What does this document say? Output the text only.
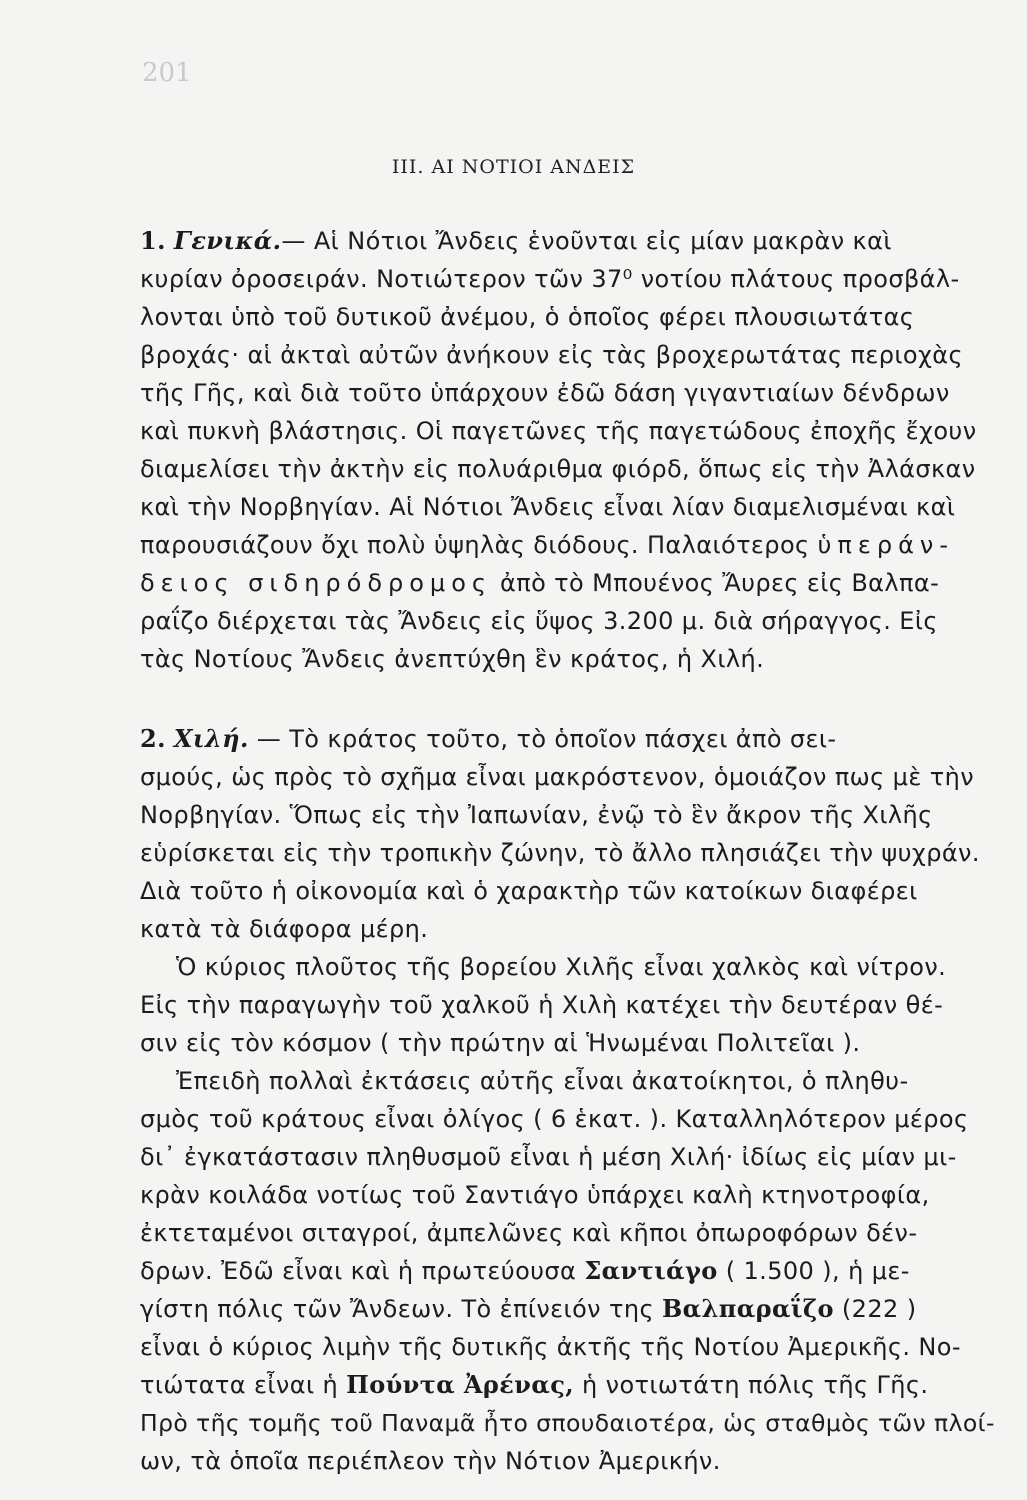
201
III. ΑΙ ΝΟΤΙΟΙ ΑΝΔΕΙΣ
1. Γενικά.— Αἱ Νότιοι Ἄνδεις ἑνοῦνται εἰς μίαν μακρὰν καὶ
κυρίαν ὀροσειράν. Νοτιώτερον τῶν 37⁰ νοτίου πλάτους προσβάλ-
λονται ὑπὸ τοῦ δυτικοῦ ἀνέμου, ὁ ὁποῖος φέρει πλουσιωτάτας
βροχάς· αἱ ἀκταὶ αὐτῶν ἀνήκουν εἰς τὰς βροχερωτάτας περιοχὰς
τῆς Γῆς, καὶ διὰ τοῦτο ὑπάρχουν ἐδῶ δάση γιγαντιαίων δένδρων
καὶ πυκνὴ βλάστησις. Οἱ παγετῶνες τῆς παγετώδους ἐποχῆς ἔχουν
διαμελίσει τὴν ἀκτὴν εἰς πολυάριθμα φιόρδ, ὅπως εἰς τὴν Ἀλάσκαν
καὶ τὴν Νορβηγίαν. Αἱ Νότιοι Ἄνδεις εἶναι λίαν διαμελισμέναι καὶ
παρουσιάζουν ὄχι πολὺ ὑψηλὰς διόδους. Παλαιότερος ὑπεράν-
δειος σιδηρόδρομος ἀπὸ τὸ Μπουένος Ἄυρες εἰς Βαλπα-
ραΐζο διέρχεται τὰς Ἄνδεις εἰς ὕψος 3.200 μ. διὰ σήραγγος. Εἰς
τὰς Νοτίους Ἄνδεις ἀνεπτύχθη ἓν κράτος, ἡ Χιλή.
2. Χιλή. — Τὸ κράτος τοῦτο, τὸ ὁποῖον πάσχει ἀπὸ σει-
σμούς, ὡς πρὸς τὸ σχῆμα εἶναι μακρόστενον, ὁμοιάζον πως μὲ τὴν
Νορβηγίαν. Ὅπως εἰς τὴν Ἰαπωνίαν, ἐνῷ τὸ ἓν ἄκρον τῆς Χιλῆς
εὑρίσκεται εἰς τὴν τροπικὴν ζώνην, τὸ ἄλλο πλησιάζει τὴν ψυχράν.
Διὰ τοῦτο ἡ οἰκονομία καὶ ὁ χαρακτὴρ τῶν κατοίκων διαφέρει
κατὰ τὰ διάφορα μέρη.
Ὁ κύριος πλοῦτος τῆς βορείου Χιλῆς εἶναι χαλκὸς καὶ νίτρον.
Εἰς τὴν παραγωγὴν τοῦ χαλκοῦ ἡ Χιλὴ κατέχει τὴν δευτέραν θέ-
σιν εἰς τὸν κόσμον ( τὴν πρώτην αἱ Ἡνωμέναι Πολιτεῖαι ).
Ἐπειδὴ πολλαὶ ἐκτάσεις αὐτῆς εἶναι ἀκατοίκητοι, ὁ πληθυ-
σμὸς τοῦ κράτους εἶναι ὀλίγος ( 6 ἑκατ. ). Καταλληλότερον μέρος
δι᾽ ἐγκατάστασιν πληθυσμοῦ εἶναι ἡ μέση Χιλή· ἰδίως εἰς μίαν μι-
κρὰν κοιλάδα νοτίως τοῦ Σαντιάγο ὑπάρχει καλὴ κτηνοτροφία,
ἐκτεταμένοι σιταγροί, ἀμπελῶνες καὶ κῆποι ὀπωροφόρων δέν-
δρων. Ἐδῶ εἶναι καὶ ἡ πρωτεύουσα Σαντιάγο ( 1.500 ), ἡ με-
γίστη πόλις τῶν Ἄνδεων. Τὸ ἐπίνειόν της Βαλπαραΐζο (222 )
εἶναι ὁ κύριος λιμὴν τῆς δυτικῆς ἀκτῆς τῆς Νοτίου Ἀμερικῆς. Νο-
τιώτατα εἶναι ἡ Πούντα Ἀρένας, ἡ νοτιωτάτη πόλις τῆς Γῆς.
Πρὸ τῆς τομῆς τοῦ Παναμᾶ ἦτο σπουδαιοτέρα, ὡς σταθμὸς τῶν πλοί-
ων, τὰ ὁποῖα περιέπλεον τὴν Νότιον Ἀμερικήν.
